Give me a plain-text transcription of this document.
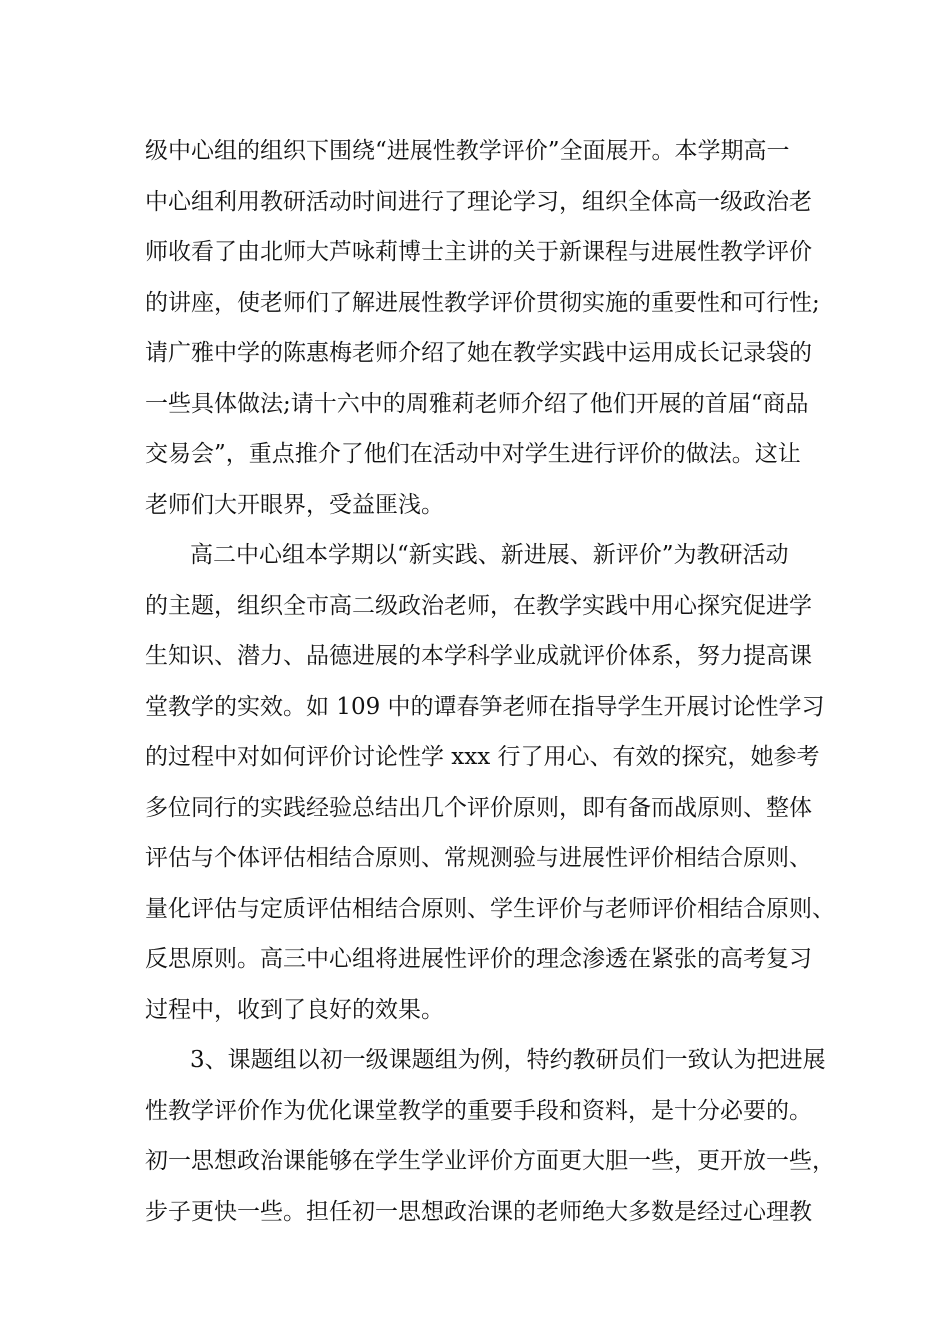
级中心组的组织下围绕“进展性教学评价”全面展开。本学期高一
中心组利用教研活动时间进行了理论学习，组织全体高一级政治老
师收看了由北师大芦咏莉博士主讲的关于新课程与进展性教学评价
的讲座，使老师们了解进展性教学评价贯彻实施的重要性和可行性;
请广雅中学的陈惠梅老师介绍了她在教学实践中运用成长记录袋的
一些具体做法;请十六中的周雅莉老师介绍了他们开展的首届“商品
交易会”，重点推介了他们在活动中对学生进行评价的做法。这让
老师们大开眼界，受益匪浅。
高二中心组本学期以“新实践、新进展、新评价”为教研活动
的主题，组织全市高二级政治老师，在教学实践中用心探究促进学
生知识、潜力、品德进展的本学科学业成就评价体系，努力提高课
堂教学的实效。如 109 中的谭春笋老师在指导学生开展讨论性学习
的过程中对如何评价讨论性学 xxx 行了用心、有效的探究，她参考
多位同行的实践经验总结出几个评价原则，即有备而战原则、整体
评估与个体评估相结合原则、常规测验与进展性评价相结合原则、
量化评估与定质评估相结合原则、学生评价与老师评价相结合原则、
反思原则。高三中心组将进展性评价的理念渗透在紧张的高考复习
过程中，收到了良好的效果。
3、课题组以初一级课题组为例，特约教研员们一致认为把进展
性教学评价作为优化课堂教学的重要手段和资料，是十分必要的。
初一思想政治课能够在学生学业评价方面更大胆一些，更开放一些，
步子更快一些。担任初一思想政治课的老师绝大多数是经过心理教
